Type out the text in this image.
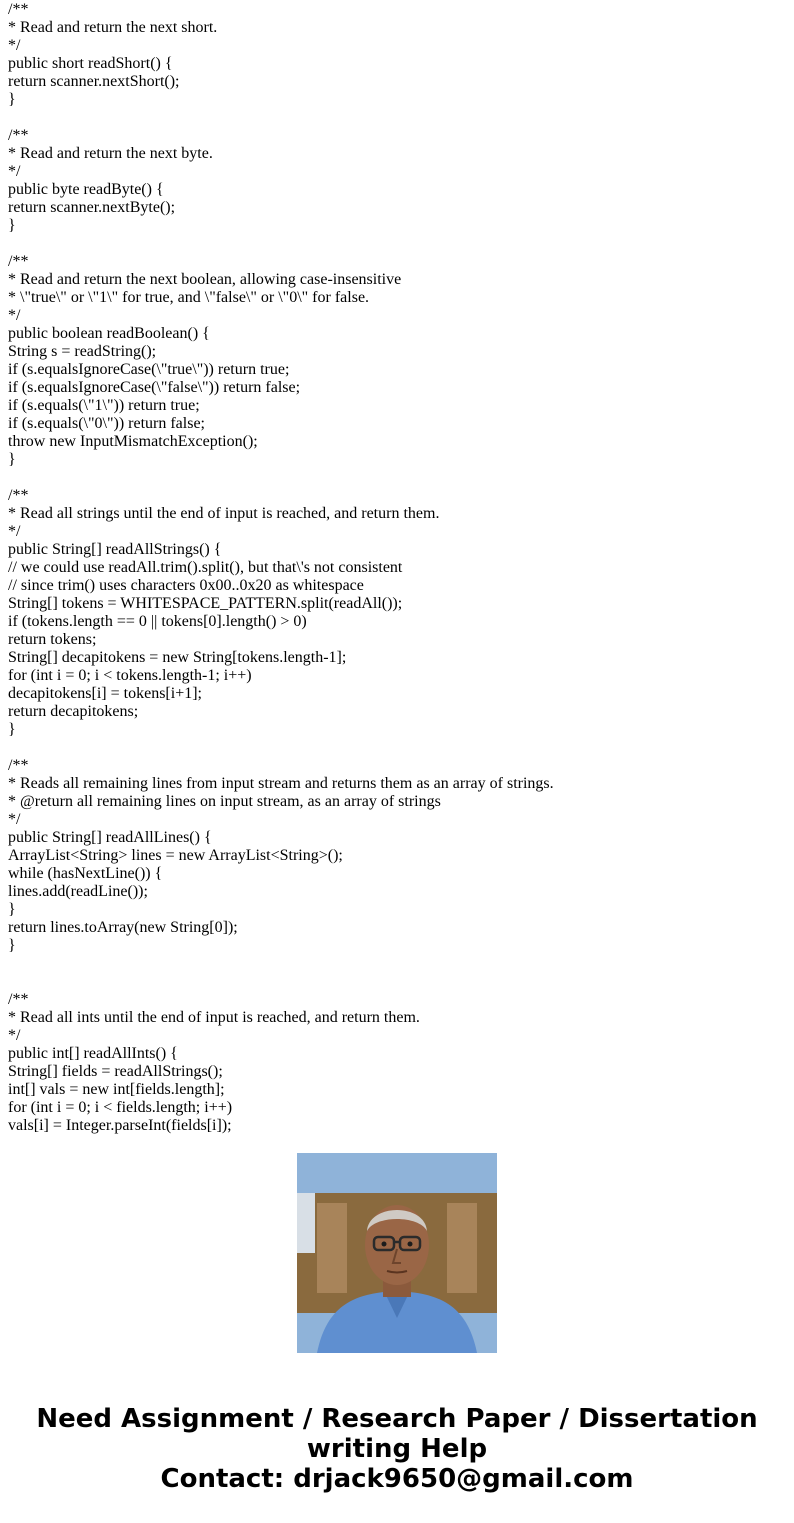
/**
* Read and return the next short.
*/
public short readShort() {
return scanner.nextShort();
}
/**
* Read and return the next byte.
*/
public byte readByte() {
return scanner.nextByte();
}
/**
* Read and return the next boolean, allowing case-insensitive
* \"true\" or \"1\" for true, and \"false\" or \"0\" for false.
*/
public boolean readBoolean() {
String s = readString();
if (s.equalsIgnoreCase(\"true\")) return true;
if (s.equalsIgnoreCase(\"false\")) return false;
if (s.equals(\"1\")) return true;
if (s.equals(\"0\")) return false;
throw new InputMismatchException();
}
/**
* Read all strings until the end of input is reached, and return them.
*/
public String[] readAllStrings() {
// we could use readAll.trim().split(), but that\'s not consistent
// since trim() uses characters 0x00..0x20 as whitespace
String[] tokens = WHITESPACE_PATTERN.split(readAll());
if (tokens.length == 0 || tokens[0].length() > 0)
return tokens;
String[] decapitokens = new String[tokens.length-1];
for (int i = 0; i < tokens.length-1; i++)
decapitokens[i] = tokens[i+1];
return decapitokens;
}
/**
* Reads all remaining lines from input stream and returns them as an array of strings.
* @return all remaining lines on input stream, as an array of strings
*/
public String[] readAllLines() {
ArrayList<String> lines = new ArrayList<String>();
while (hasNextLine()) {
lines.add(readLine());
}
return lines.toArray(new String[0]);
}
/**
* Read all ints until the end of input is reached, and return them.
*/
public int[] readAllInts() {
String[] fields = readAllStrings();
int[] vals = new int[fields.length];
for (int i = 0; i < fields.length; i++)
vals[i] = Integer.parseInt(fields[i]);
Need Assignment / Research Paper / Dissertation
writing Help
Contact: drjack9650@gmail.com
